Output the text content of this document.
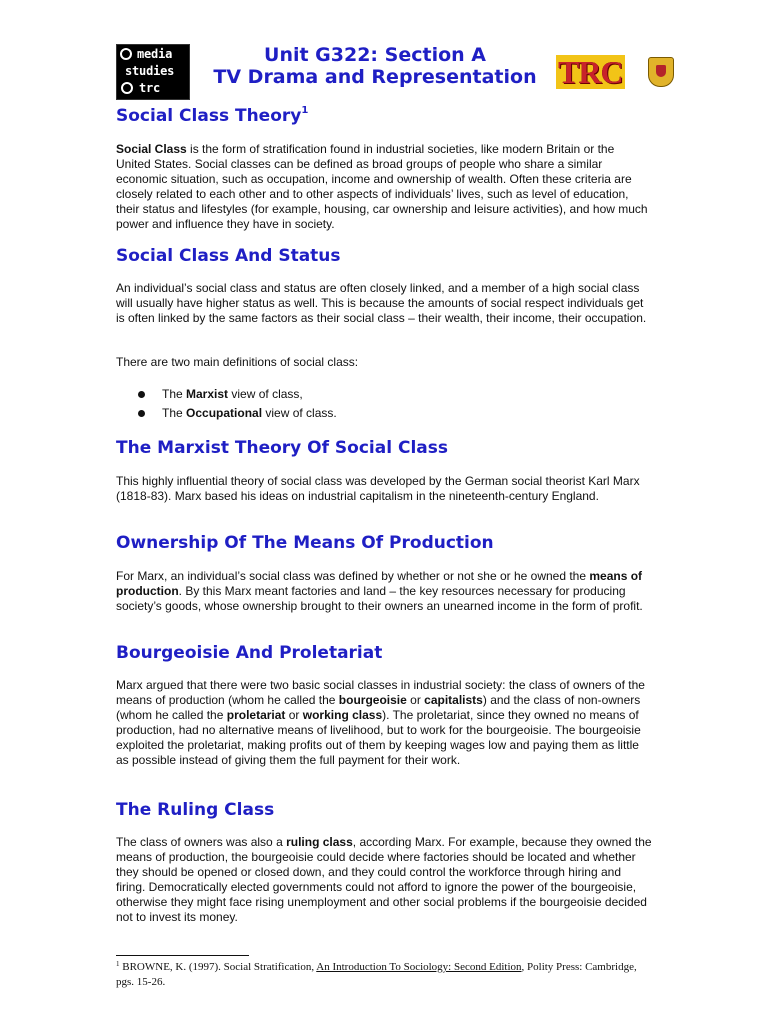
media
studies
trc
Unit G322: Section A
TV Drama and Representation TRC
Social Class Theory$^1$

Social Class is the form of stratification found in industrial societies, like modern Britain or the United States. Social classes can be defined as broad groups of people who share a similar economic situation, such as occupation, income and ownership of wealth. Often these criteria are closely related to each other and to other aspects of individuals’ lives, such as level of education, their status and lifestyles (for example, housing, car ownership and leisure activities), and how much power and influence they have in society.

Social Class And Status

An individual’s social class and status are often closely linked, and a member of a high social class will usually have higher status as well. This is because the amounts of social respect individuals get is often linked by the same factors as their social class – their wealth, their income, their occupation.

There are two main definitions of social class:

The Marxist view of class,
The Occupational view of class.
The Marxist Theory Of Social Class

This highly influential theory of social class was developed by the German social theorist Karl Marx (1818-83). Marx based his ideas on industrial capitalism in the nineteenth-century England.

Ownership Of The Means Of Production

For Marx, an individual’s social class was defined by whether or not she or he owned the means of production. By this Marx meant factories and land – the key resources necessary for producing society’s goods, whose ownership brought to their owners an unearned income in the form of profit.

Bourgeoisie And Proletariat

Marx argued that there were two basic social classes in industrial society: the class of owners of the means of production (whom he called the bourgeoisie or capitalists) and the class of non-owners (whom he called the proletariat or working class). The proletariat, since they owned no means of production, had no alternative means of livelihood, but to work for the bourgeoisie. The bourgeoisie exploited the proletariat, making profits out of them by keeping wages low and paying them as little as possible instead of giving them the full payment for their work.

The Ruling Class

The class of owners was also a ruling class, according Marx. For example, because they owned the means of production, the bourgeoisie could decide where factories should be located and whether they should be opened or closed down, and they could control the workforce through hiring and firing. Democratically elected governments could not afford to ignore the power of the bourgeoisie, otherwise they might face rising unemployment and other social problems if the bourgeoisie decided not to invest its money.

$^1$ BROWNE, K. (1997). Social Stratification, An Introduction To Sociology: Second Edition, Polity Press: Cambridge, pgs. 15-26.
